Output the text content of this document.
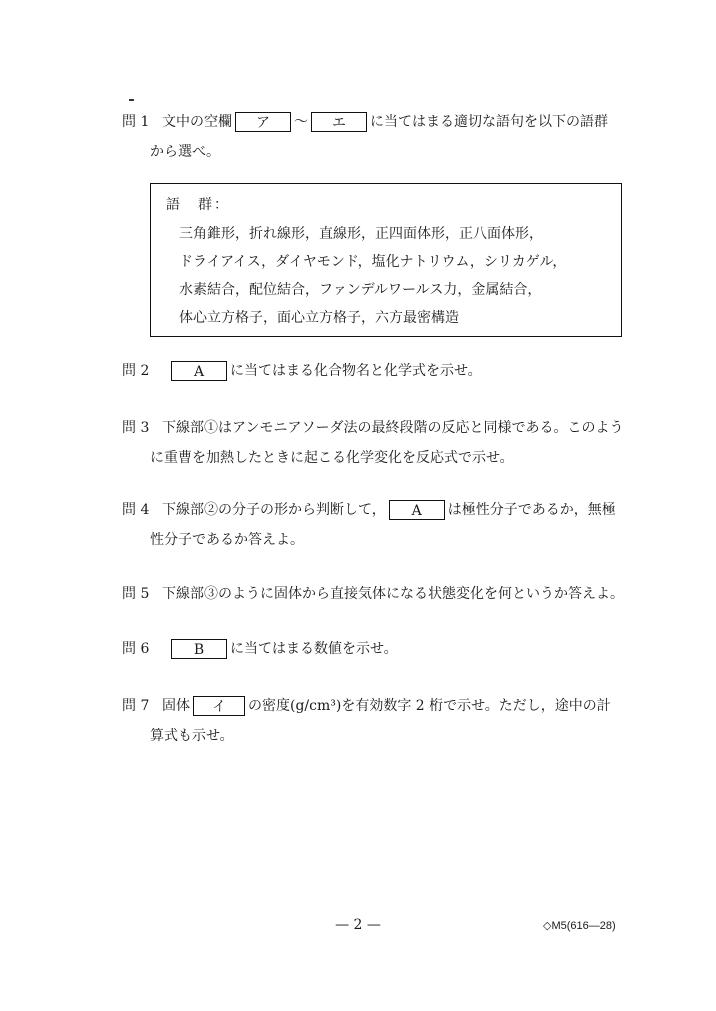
問 1 文中の空欄 ア ～ エ に当てはまる適切な語句を以下の語群
から選べ。
語　群：
三角錐形，折れ線形，直線形，正四面体形，正八面体形，
ドライアイス，ダイヤモンド，塩化ナトリウム，シリカゲル，
水素結合，配位結合，ファンデルワールス力，金属結合，
体心立方格子，面心立方格子，六方最密構造
問 2	A に当てはまる化合物名と化学式を示せ。
問 3 下線部①はアンモニアソーダ法の最終段階の反応と同様である。このよう
に重曹を加熱したときに起こる化学変化を反応式で示せ。
問 4 下線部②の分子の形から判断して， A は極性分子であるか，無極
性分子であるか答えよ。
問 5 下線部③のように固体から直接気体になる状態変化を何というか答えよ。
問 6	B に当てはまる数値を示せ。
問 7 固体 イ の密度(g/cm³)を有効数字 2 桁で示せ。ただし，途中の計
算式も示せ。
— 2 —	◇M5(616—28)
